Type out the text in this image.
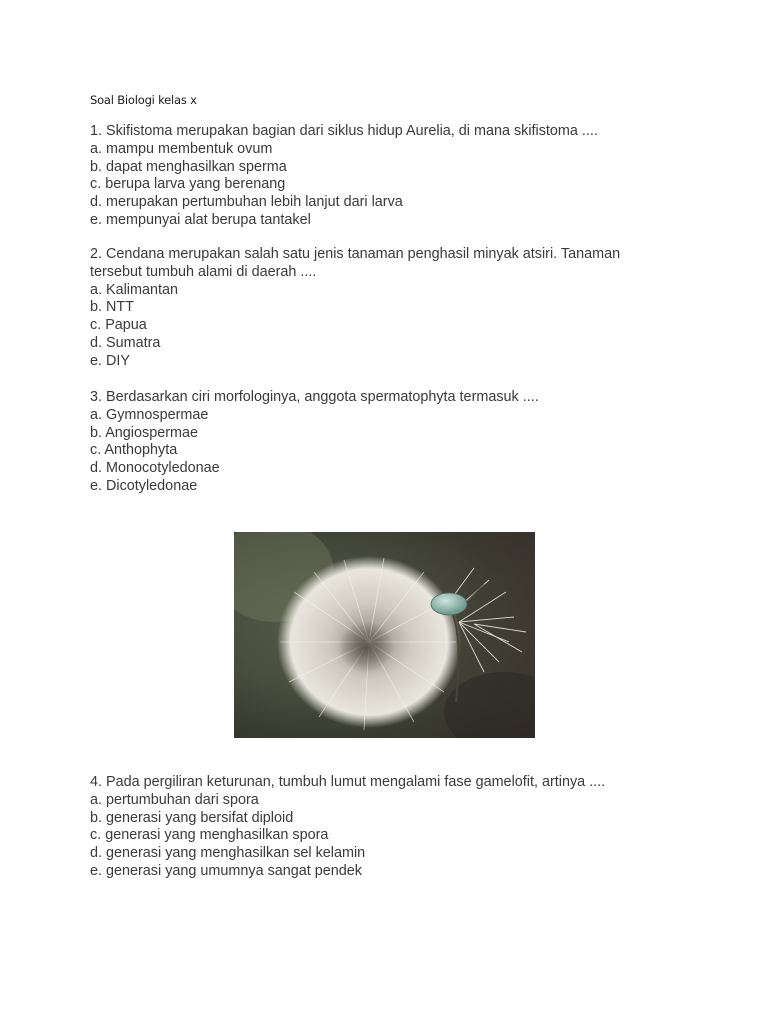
Soal Biologi kelas x

1. Skifistoma merupakan bagian dari siklus hidup Aurelia, di mana skifistoma ....

a. mampu membentuk ovum

b. dapat menghasilkan sperma

c. berupa larva yang berenang

d. merupakan pertumbuhan lebih lanjut dari larva

e. mempunyai alat berupa tantakel

2. Cendana merupakan salah satu jenis tanaman penghasil minyak atsiri. Tanaman tersebut tumbuh alami di daerah ....

a. Kalimantan

b. NTT

c. Papua

d. Sumatra

e. DIY

3. Berdasarkan ciri morfologinya, anggota spermatophyta termasuk ....

a. Gymnospermae

b. Angiospermae

c. Anthophyta

d. Monocotyledonae

e. Dicotyledonae

4. Pada pergiliran keturunan, tumbuh lumut mengalami fase gamelofit, artinya ....

a. pertumbuhan dari spora

b. generasi yang bersifat diploid

c. generasi yang menghasilkan spora

d. generasi yang menghasilkan sel kelamin

e. generasi yang umumnya sangat pendek
